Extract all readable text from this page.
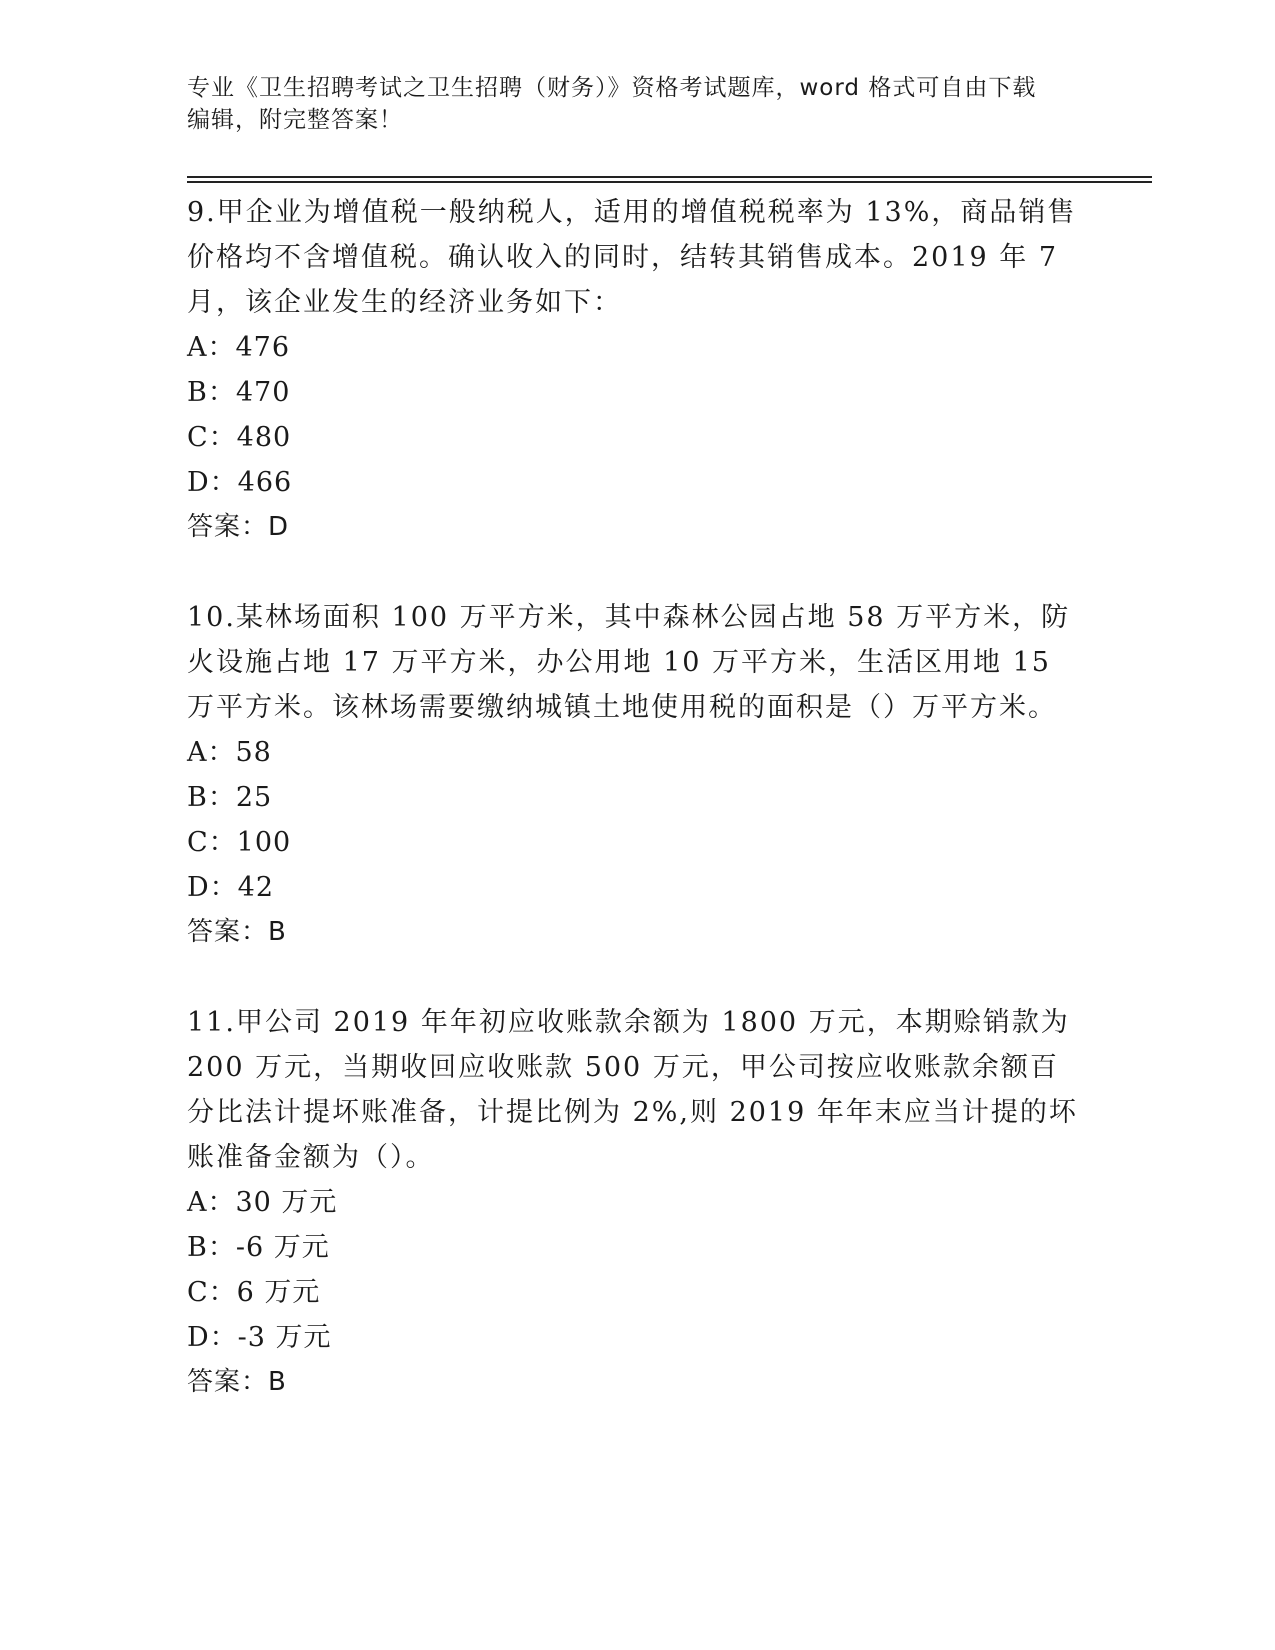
专业《卫生招聘考试之卫生招聘（财务）》资格考试题库，word 格式可自由下载
编辑，附完整答案！

9.甲企业为增值税一般纳税人，适用的增值税税率为 13%，商品销售价格均不含增值税。确认收入的同时，结转其销售成本。2019 年 7 月，该企业发生的经济业务如下：

A：476

B：470

C：480

D：466

答案：D

10.某林场面积 100 万平方米，其中森林公园占地 58 万平方米，防火设施占地 17 万平方米，办公用地 10 万平方米，生活区用地 15 万平方米。该林场需要缴纳城镇土地使用税的面积是（）万平方米。

A：58

B：25

C：100

D：42

答案：B

11.甲公司 2019 年年初应收账款余额为 1800 万元，本期赊销款为 200 万元，当期收回应收账款 500 万元，甲公司按应收账款余额百分比法计提坏账准备，计提比例为 2%,则 2019 年年末应当计提的坏账准备金额为（）。

A：30 万元

B：-6 万元

C：6 万元

D：-3 万元

答案：B
